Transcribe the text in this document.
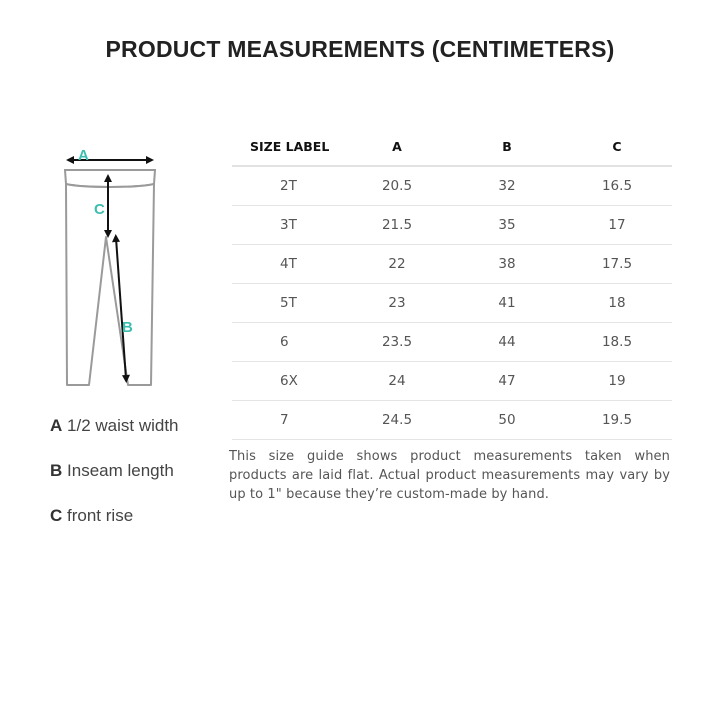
PRODUCT MEASUREMENTS (CENTIMETERS)
A
C
B
A 1/2 waist width
B Inseam length
C front rise
SIZE LABEL	A	B	C
2T	20.5	32	16.5
3T	21.5	35	17
4T	22	38	17.5
5T	23	41	18
6	23.5	44	18.5
6X	24	47	19
7	24.5	50	19.5
This size guide shows product measurements taken when products are laid flat. Actual product measurements may vary by up to 1" because they’re custom-made by hand.
